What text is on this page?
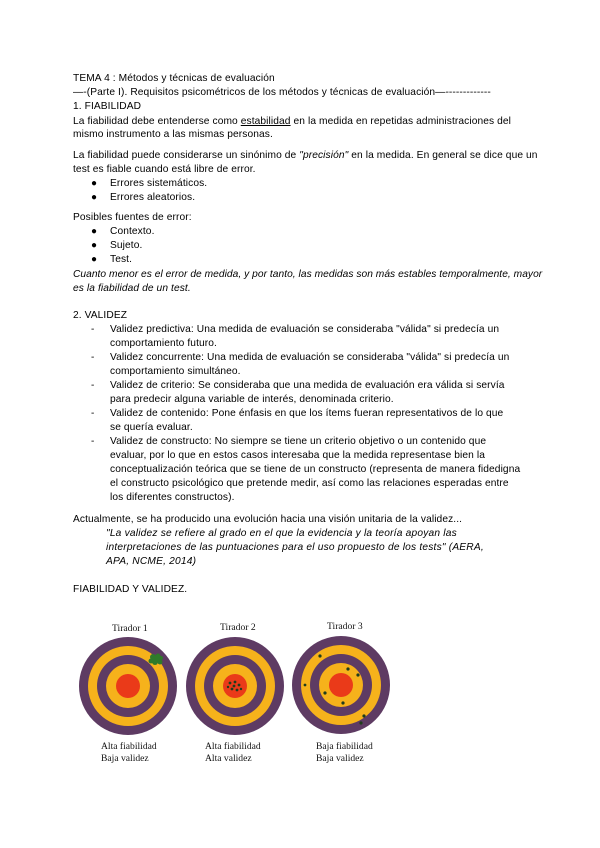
TEMA 4 : Métodos y técnicas de evaluación
—-(Parte I). Requisitos psicométricos de los métodos y técnicas de evaluación—-------------
1. FIABILIDAD
La fiabilidad debe entenderse como estabilidad en la medida en repetidas administraciones del
mismo instrumento a las mismas personas.
La fiabilidad puede considerarse un sinónimo de "precisión" en la medida. En general se dice que un
test es fiable cuando está libre de error.
● Errores sistemáticos.
● Errores aleatorios.
Posibles fuentes de error:
● Contexto.
● Sujeto.
● Test.
Cuanto menor es el error de medida, y por tanto, las medidas son más estables temporalmente, mayor
es la fiabilidad de un test.
2. VALIDEZ
- Validez predictiva: Una medida de evaluación se consideraba "válida" si predecía un
comportamiento futuro.
- Validez concurrente: Una medida de evaluación se consideraba "válida" si predecía un
comportamiento simultáneo.
- Validez de criterio: Se consideraba que una medida de evaluación era válida si servía
para predecir alguna variable de interés, denominada criterio.
- Validez de contenido: Pone énfasis en que los ítems fueran representativos de lo que
se quería evaluar.
- Validez de constructo: No siempre se tiene un criterio objetivo o un contenido que
evaluar, por lo que en estos casos interesaba que la medida representase bien la
conceptualización teórica que se tiene de un constructo (representa de manera fidedigna
el constructo psicológico que pretende medir, así como las relaciones esperadas entre
los diferentes constructos).
Actualmente, se ha producido una evolución hacia una visión unitaria de la validez...
"La validez se refiere al grado en el que la evidencia y la teoría apoyan las
interpretaciones de las puntuaciones para el uso propuesto de los tests" (AERA,
APA, NCME, 2014)
FIABILIDAD Y VALIDEZ.
Tirador 1	Tirador 2	Tirador 3
Alta fiabilidad
Baja validez
Alta fiabilidad
Alta validez
Baja fiabilidad
Baja validez
